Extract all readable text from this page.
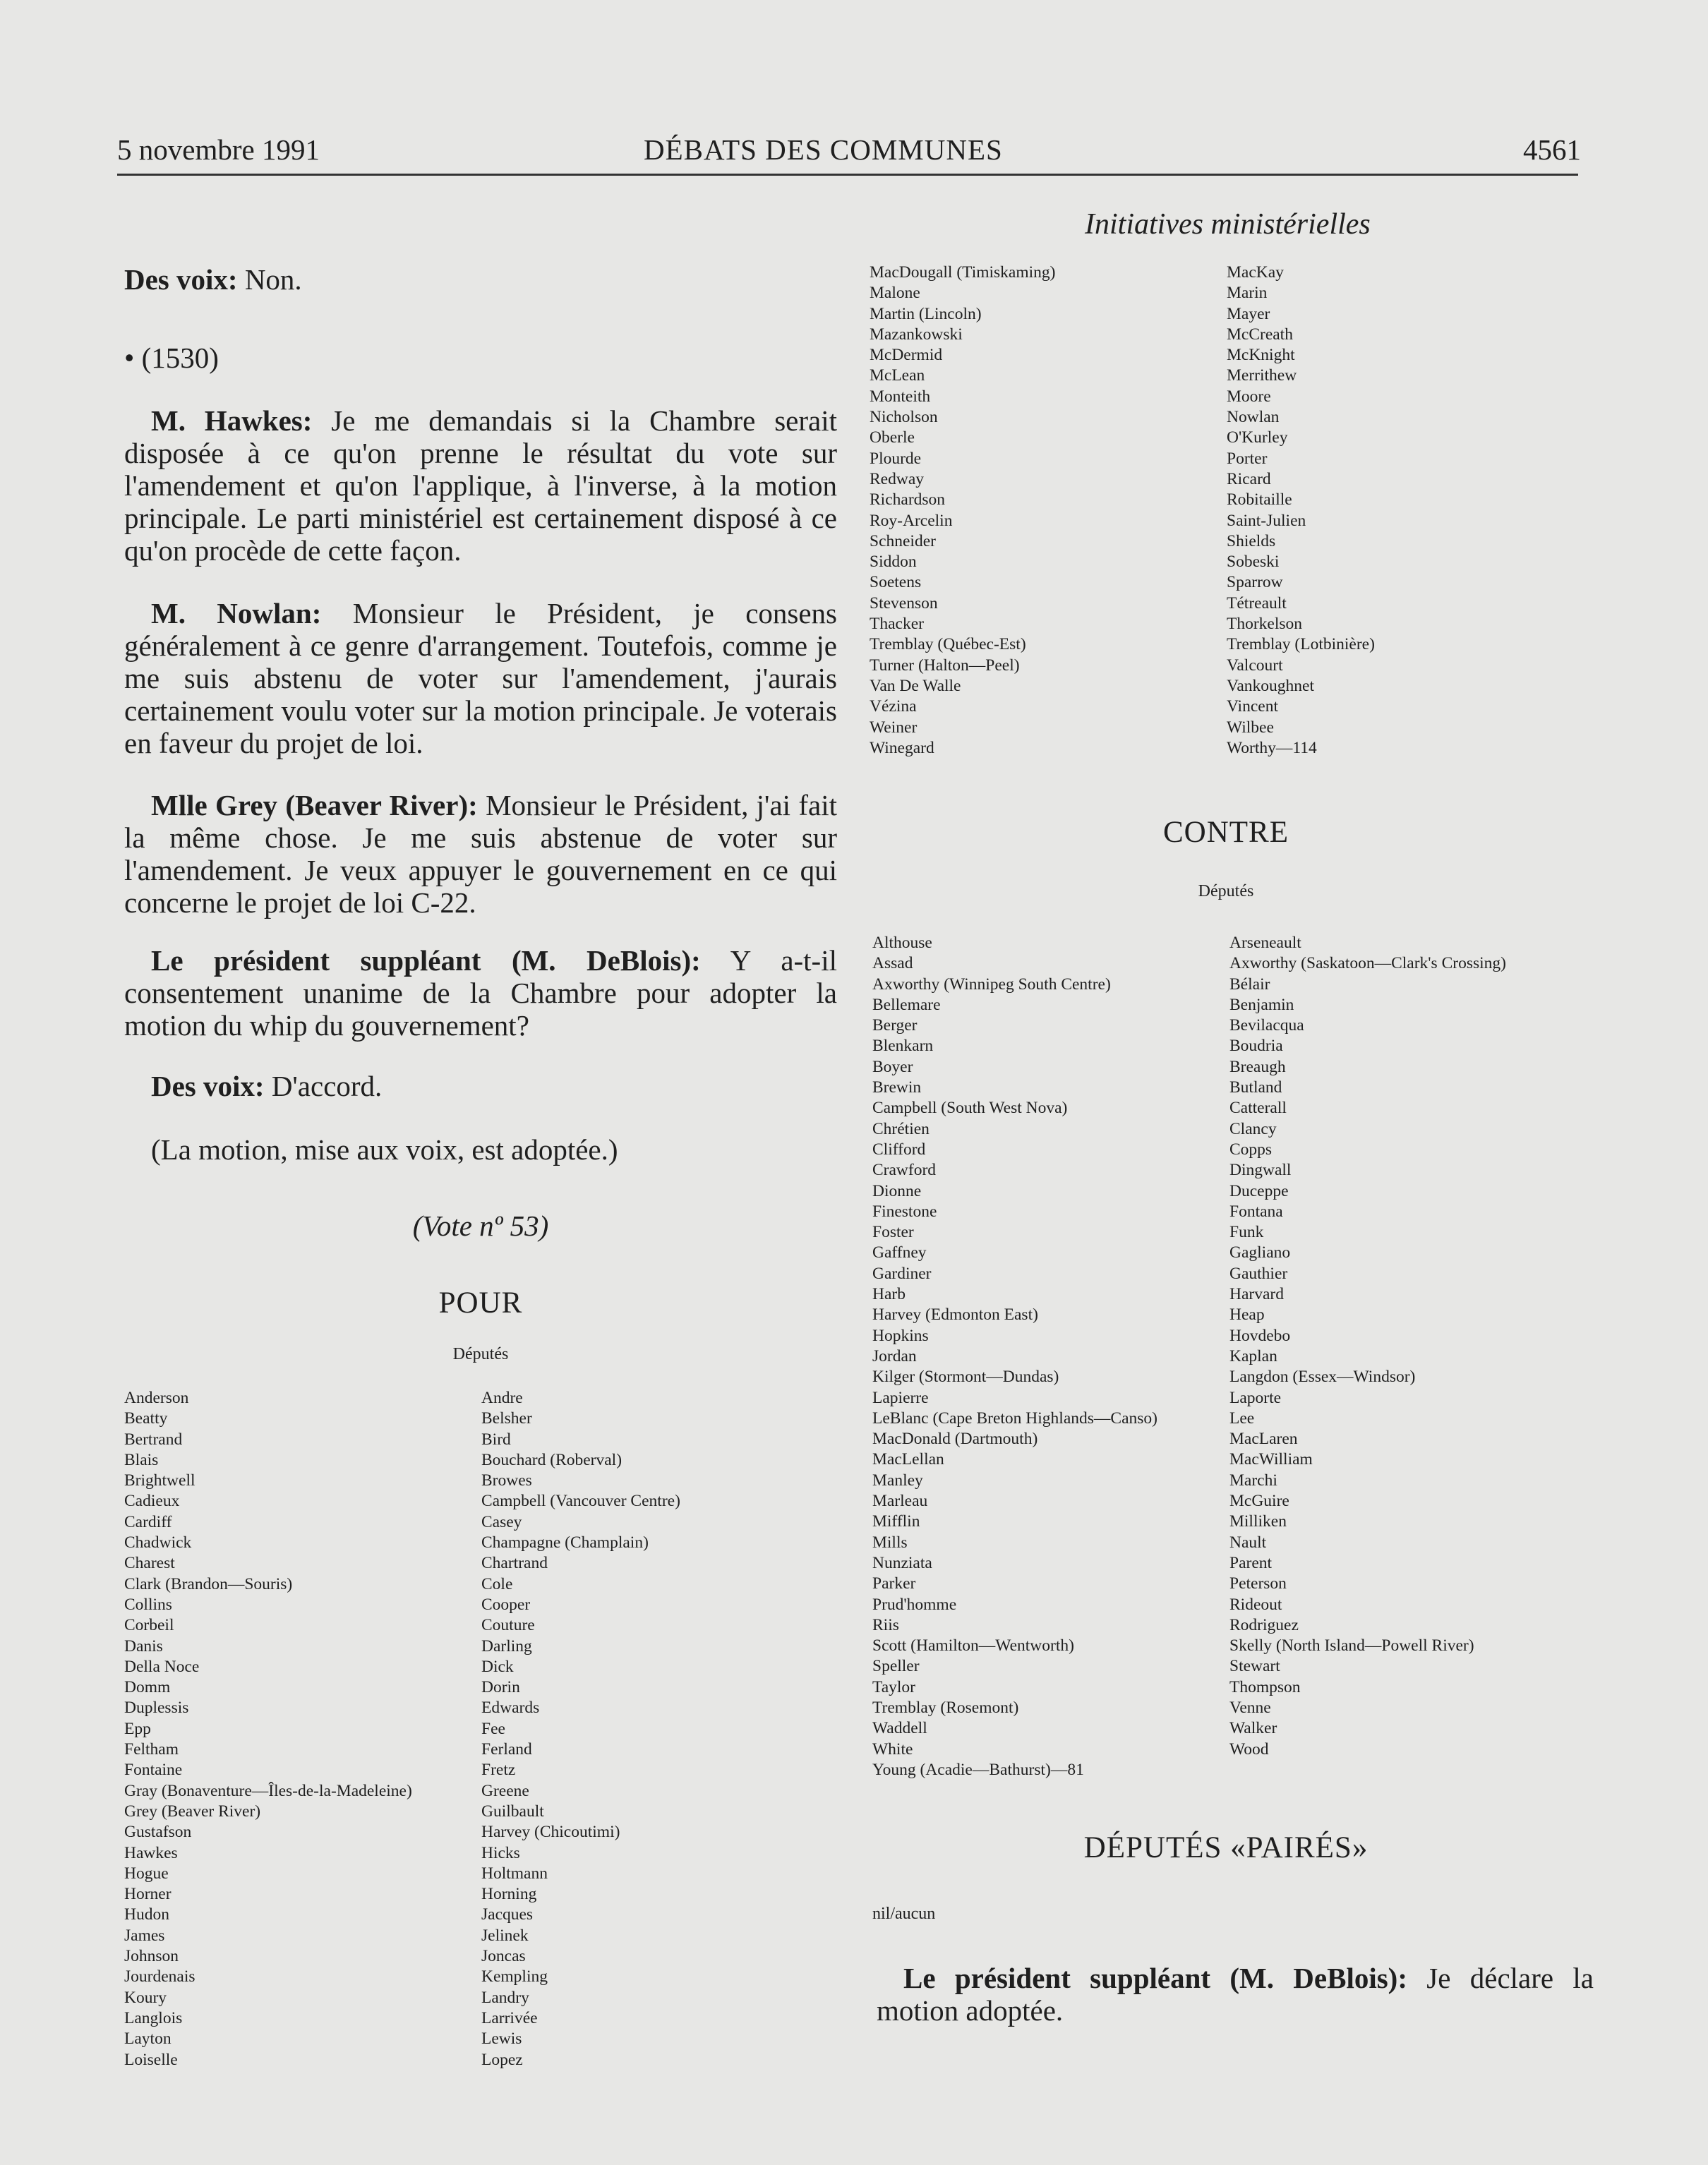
5 novembre 1991	DÉBATS DES COMMUNES	4561
Initiatives ministérielles

Des voix: Non.

• (1530)

M. Hawkes: Je me demandais si la Chambre serait disposée à ce qu'on prenne le résultat du vote sur l'amendement et qu'on l'applique, à l'inverse, à la motion principale. Le parti ministériel est certainement disposé à ce qu'on procède de cette façon.

M. Nowlan: Monsieur le Président, je consens généralement à ce genre d'arrangement. Toutefois, comme je me suis abstenu de voter sur l'amendement, j'aurais certainement voulu voter sur la motion principale. Je voterais en faveur du projet de loi.

Mlle Grey (Beaver River): Monsieur le Président, j'ai fait la même chose. Je me suis abstenue de voter sur l'amendement. Je veux appuyer le gouvernement en ce qui concerne le projet de loi C-22.

Le président suppléant (M. DeBlois): Y a-t-il consentement unanime de la Chambre pour adopter la motion du whip du gouvernement?

Des voix: D'accord.

(La motion, mise aux voix, est adoptée.)

(Vote nº 53)
POUR
Députés
Anderson
Beatty
Bertrand
Blais
Brightwell
Cadieux
Cardiff
Chadwick
Charest
Clark (Brandon—Souris)
Collins
Corbeil
Danis
Della Noce
Domm
Duplessis
Epp
Feltham
Fontaine
Gray (Bonaventure—Îles-de-la-Madeleine)
Grey (Beaver River)
Gustafson
Hawkes
Hogue
Horner
Hudon
James
Johnson
Jourdenais
Koury
Langlois
Layton
Loiselle
Andre
Belsher
Bird
Bouchard (Roberval)
Browes
Campbell (Vancouver Centre)
Casey
Champagne (Champlain)
Chartrand
Cole
Cooper
Couture
Darling
Dick
Dorin
Edwards
Fee
Ferland
Fretz
Greene
Guilbault
Harvey (Chicoutimi)
Hicks
Holtmann
Horning
Jacques
Jelinek
Joncas
Kempling
Landry
Larrivée
Lewis
Lopez
MacDougall (Timiskaming)
Malone
Martin (Lincoln)
Mazankowski
McDermid
McLean
Monteith
Nicholson
Oberle
Plourde
Redway
Richardson
Roy-Arcelin
Schneider
Siddon
Soetens
Stevenson
Thacker
Tremblay (Québec-Est)
Turner (Halton—Peel)
Van De Walle
Vézina
Weiner
Winegard
MacKay
Marin
Mayer
McCreath
McKnight
Merrithew
Moore
Nowlan
O'Kurley
Porter
Ricard
Robitaille
Saint-Julien
Shields
Sobeski
Sparrow
Tétreault
Thorkelson
Tremblay (Lotbinière)
Valcourt
Vankoughnet
Vincent
Wilbee
Worthy—114
CONTRE
Députés
Althouse
Assad
Axworthy (Winnipeg South Centre)
Bellemare
Berger
Blenkarn
Boyer
Brewin
Campbell (South West Nova)
Chrétien
Clifford
Crawford
Dionne
Finestone
Foster
Gaffney
Gardiner
Harb
Harvey (Edmonton East)
Hopkins
Jordan
Kilger (Stormont—Dundas)
Lapierre
LeBlanc (Cape Breton Highlands—Canso)
MacDonald (Dartmouth)
MacLellan
Manley
Marleau
Mifflin
Mills
Nunziata
Parker
Prud'homme
Riis
Scott (Hamilton—Wentworth)
Speller
Taylor
Tremblay (Rosemont)
Waddell
White
Young (Acadie—Bathurst)—81
Arseneault
Axworthy (Saskatoon—Clark's Crossing)
Bélair
Benjamin
Bevilacqua
Boudria
Breaugh
Butland
Catterall
Clancy
Copps
Dingwall
Duceppe
Fontana
Funk
Gagliano
Gauthier
Harvard
Heap
Hovdebo
Kaplan
Langdon (Essex—Windsor)
Laporte
Lee
MacLaren
MacWilliam
Marchi
McGuire
Milliken
Nault
Parent
Peterson
Rideout
Rodriguez
Skelly (North Island—Powell River)
Stewart
Thompson
Venne
Walker
Wood
DÉPUTÉS «PAIRÉS»
nil/aucun

Le président suppléant (M. DeBlois): Je déclare la motion adoptée.
